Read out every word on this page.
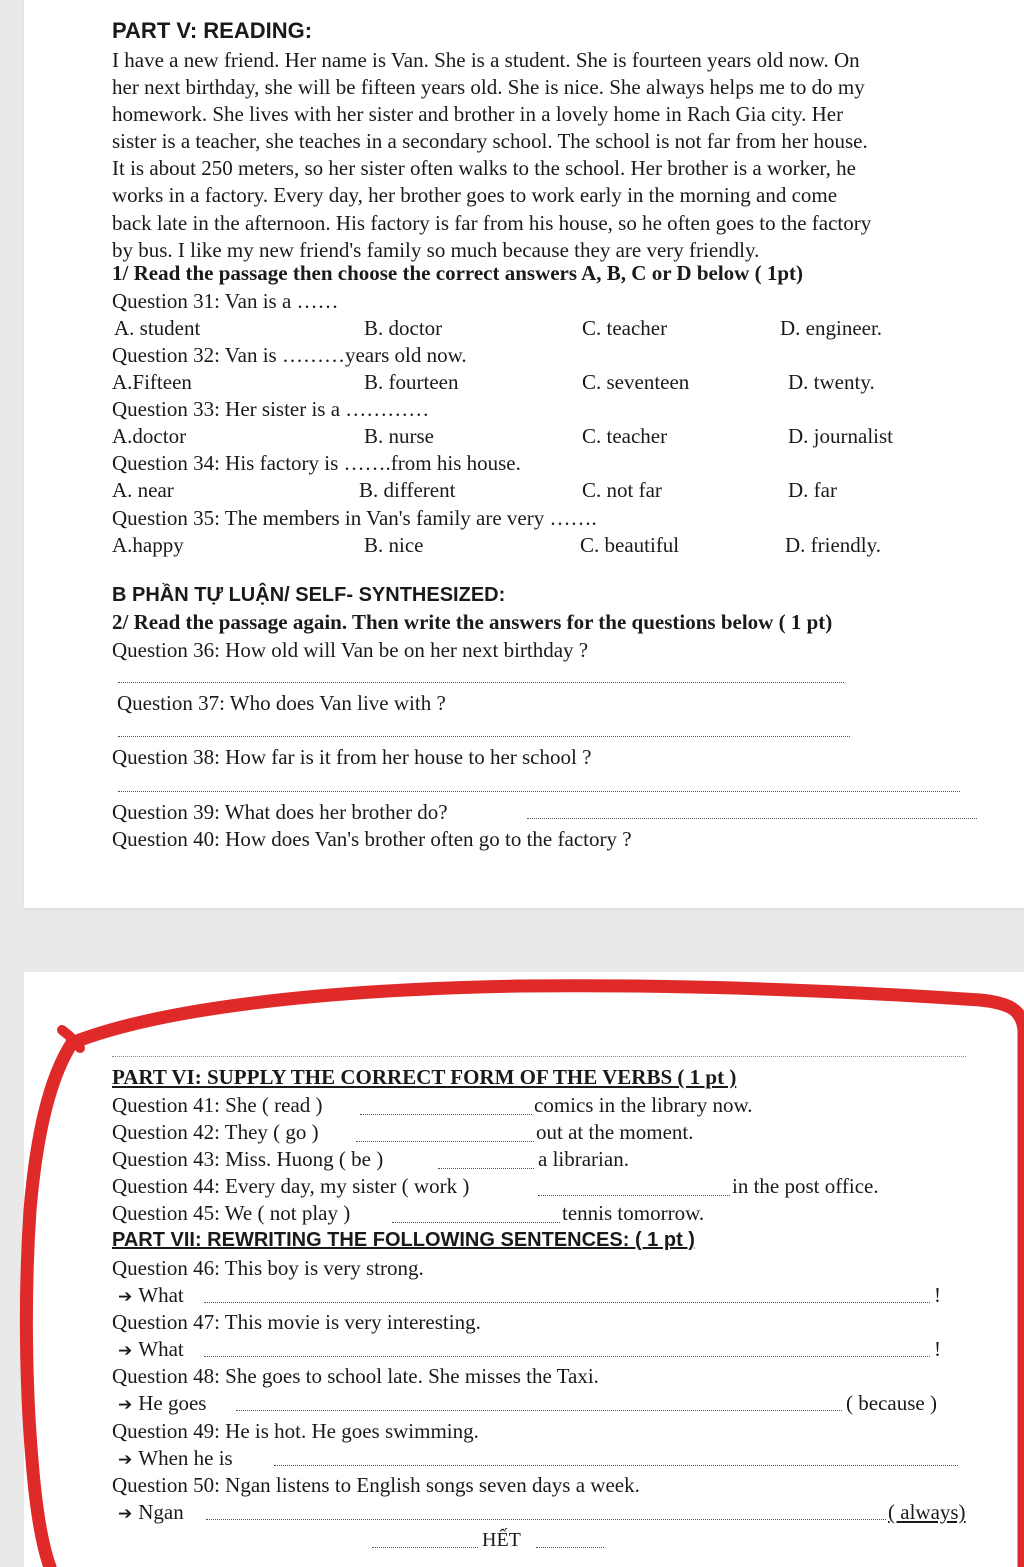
PART V: READING:
I have a new friend. Her name is Van. She is a student. She is fourteen years old now. On
her next birthday, she will be fifteen years old. She is nice. She always helps me to do my
homework. She lives with her sister and brother in a lovely home in Rach Gia city. Her
sister is a teacher, she teaches in a secondary school. The school is not far from her house.
It is about 250 meters, so her sister often walks to the school. Her brother is a worker, he
works in a factory. Every day, her brother goes to work early in the morning and come
back late in the afternoon. His factory is far from his house, so he often goes to the factory
by bus. I like my new friend's family so much because they are very friendly.
1/ Read the passage then choose the correct answers A, B, C or D below ( 1pt)
Question 31: Van is a ……
A. student	B. doctor	C. teacher	D. engineer.
Question 32: Van is ………years old now.
A.Fifteen	B. fourteen	C. seventeen	D. twenty.
Question 33: Her sister is a …………
A.doctor	B. nurse	C. teacher	D. journalist
Question 34: His factory is …….from his house.
A. near	B. different	C. not far	D. far
Question 35: The members in Van's family are very …….
A.happy	B. nice	C. beautiful	D. friendly.
B PHẦN TỰ LUẬN/ SELF- SYNTHESIZED:
2/ Read the passage again. Then write the answers for the questions below ( 1 pt)
Question 36: How old will Van be on her next birthday ?
Question 37: Who does Van live with ?
Question 38: How far is it from her house to her school ?
Question 39: What does her brother do?
Question 40: How does Van's brother often go to the factory ?
PART VI: SUPPLY THE CORRECT FORM OF THE VERBS ( 1 pt )
Question 41: She ( read )	comics in the library now.
Question 42: They ( go )	out at the moment.
Question 43: Miss. Huong ( be )	a librarian.
Question 44: Every day, my sister ( work )	in the post office.
Question 45: We ( not play )	tennis tomorrow.
PART VII: REWRITING THE FOLLOWING SENTENCES: ( 1 pt )
Question 46: This boy is very strong.
➔ What	!
Question 47: This movie is very interesting.
➔ What	!
Question 48: She goes to school late. She misses the Taxi.
➔ He goes	( because )
Question 49: He is hot. He goes swimming.
➔ When he is
Question 50: Ngan listens to English songs seven days a week.
➔ Ngan	( always)
HẾT
